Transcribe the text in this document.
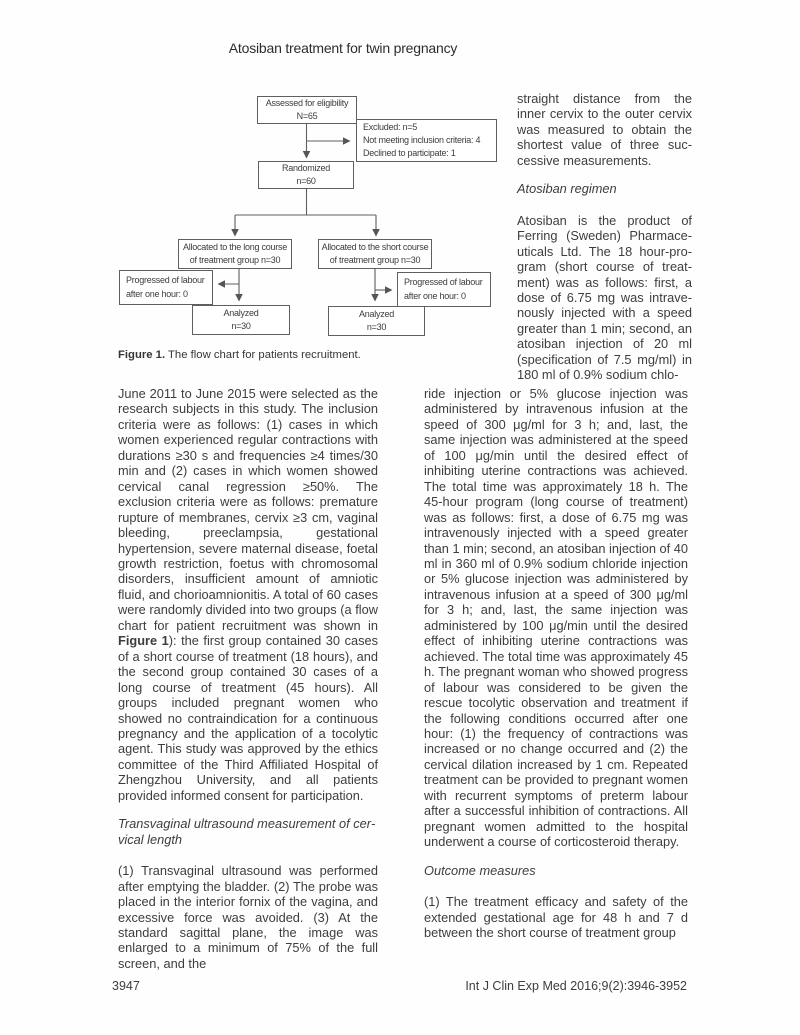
Atosiban treatment for twin pregnancy
Assessed for eligibility
N=65
Excluded: n=5
Not meeting inclusion criteria: 4
Declined to participate: 1
Randomized
n=60
Allocated to the long course
of treatment group n=30
Allocated to the short course
of treatment group n=30
Progressed of labour
after one hour: 0
Progressed of labour
after one hour: 0
Analyzed
n=30
Analyzed
n=30
Figure 1. The flow chart for patients recruitment.

straight distance from the inner cervix to the outer cervix was measured to obtain the shortest value of three successive measurements.

Atosiban regimen

Atosiban is the product of Ferring (Sweden) Pharmaceuticals Ltd. The 18 hour-program (short course of treatment) was as follows: first, a dose of 6.75 mg was intravenously injected with a speed greater than 1 min; second, an atosiban injection of 20 ml (specification of 7.5 mg/ml) in 180 ml of 0.9% sodium chlo-

June 2011 to June 2015 were selected as the research subjects in this study. The inclusion criteria were as follows: (1) cases in which women experienced regular contractions with durations ≥30 s and frequencies ≥4 times/30 min and (2) cases in which women showed cervical canal regression ≥50%. The exclusion criteria were as follows: premature rupture of membranes, cervix ≥3 cm, vaginal bleeding, preeclampsia, gestational hypertension, severe maternal disease, foetal growth restriction, foetus with chromosomal disorders, insufficient amount of amniotic fluid, and chorioamnionitis. A total of 60 cases were randomly divided into two groups (a flow chart for patient recruitment was shown in Figure 1): the first group contained 30 cases of a short course of treatment (18 hours), and the second group contained 30 cases of a long course of treatment (45 hours). All groups included pregnant women who showed no contraindication for a continuous pregnancy and the application of a tocolytic agent. This study was approved by the ethics committee of the Third Affiliated Hospital of Zhengzhou University, and all patients provided informed consent for participation.

Transvaginal ultrasound measurement of cervical length

(1) Transvaginal ultrasound was performed after emptying the bladder. (2) The probe was placed in the interior fornix of the vagina, and excessive force was avoided. (3) At the standard sagittal plane, the image was enlarged to a minimum of 75% of the full screen, and the

ride injection or 5% glucose injection was administered by intravenous infusion at the speed of 300 μg/ml for 3 h; and, last, the same injection was administered at the speed of 100 μg/min until the desired effect of inhibiting uterine contractions was achieved. The total time was approximately 18 h. The 45-hour program (long course of treatment) was as follows: first, a dose of 6.75 mg was intravenously injected with a speed greater than 1 min; second, an atosiban injection of 40 ml in 360 ml of 0.9% sodium chloride injection or 5% glucose injection was administered by intravenous infusion at a speed of 300 μg/ml for 3 h; and, last, the same injection was administered by 100 μg/min until the desired effect of inhibiting uterine contractions was achieved. The total time was approximately 45 h. The pregnant woman who showed progress of labour was considered to be given the rescue tocolytic observation and treatment if the following conditions occurred after one hour: (1) the frequency of contractions was increased or no change occurred and (2) the cervical dilation increased by 1 cm. Repeated treatment can be provided to pregnant women with recurrent symptoms of preterm labour after a successful inhibition of contractions. All pregnant women admitted to the hospital underwent a course of corticosteroid therapy.

Outcome measures

(1) The treatment efficacy and safety of the extended gestational age for 48 h and 7 d between the short course of treatment group

3947	Int J Clin Exp Med 2016;9(2):3946-3952
